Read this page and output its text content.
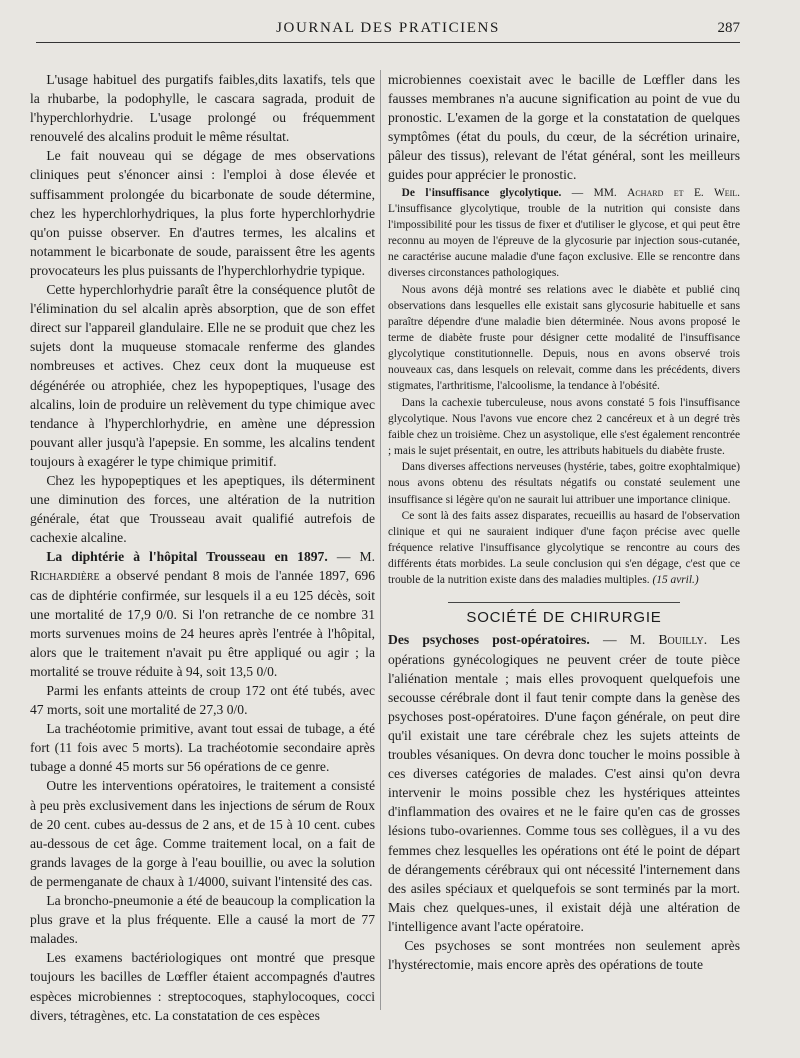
JOURNAL DES PRATICIENS	287

L'usage habituel des purgatifs faibles,dits laxatifs, tels que la rhubarbe, la podophylle, le cascara sagrada, produit de l'hyperchlorhydrie. L'usage prolongé ou fréquemment renouvelé des alcalins produit le même résultat.

Le fait nouveau qui se dégage de mes observations cliniques peut s'énoncer ainsi : l'emploi à dose élevée et suffisamment prolongée du bicarbonate de soude détermine, chez les hyperchlorhydriques, la plus forte hyperchlorhydrie qu'on puisse observer. En d'autres termes, les alcalins et notamment le bicarbonate de soude, paraissent être les agents provocateurs les plus puissants de l'hyperchlorhydrie typique.

Cette hyperchlorhydrie paraît être la conséquence plutôt de l'élimination du sel alcalin après absorption, que de son effet direct sur l'appareil glandulaire. Elle ne se produit que chez les sujets dont la muqueuse stomacale renferme des glandes nombreuses et actives. Chez ceux dont la muqueuse est dégénérée ou atrophiée, chez les hypopeptiques, l'usage des alcalins, loin de produire un relèvement du type chimique avec tendance à l'hyperchlorhydrie, en amène une dépression pouvant aller jusqu'à l'apepsie. En somme, les alcalins tendent toujours à exagérer le type chimique primitif.

Chez les hypopeptiques et les apeptiques, ils déterminent une diminution des forces, une altération de la nutrition générale, état que Trousseau avait qualifié autrefois de cachexie alcaline.

La diphtérie à l'hôpital Trousseau en 1897. — M. Richardière a observé pendant 8 mois de l'année 1897, 696 cas de diphtérie confirmée, sur lesquels il a eu 125 décès, soit une mortalité de 17,9 0/0. Si l'on retranche de ce nombre 31 morts survenues moins de 24 heures après l'entrée à l'hôpital, alors que le traitement n'avait pu être appliqué ou agir ; la mortalité se trouve réduite à 94, soit 13,5 0/0.

Parmi les enfants atteints de croup 172 ont été tubés, avec 47 morts, soit une mortalité de 27,3 0/0.

La trachéotomie primitive, avant tout essai de tubage, a été fort (11 fois avec 5 morts). La trachéotomie secondaire après tubage a donné 45 morts sur 56 opérations de ce genre.

Outre les interventions opératoires, le traitement a consisté à peu près exclusivement dans les injections de sérum de Roux de 20 cent. cubes au-dessus de 2 ans, et de 15 à 10 cent. cubes au-dessous de cet âge. Comme traitement local, on a fait de grands lavages de la gorge à l'eau bouillie, ou avec la solution de permenganate de chaux à 1/4000, suivant l'intensité des cas.

La broncho-pneumonie a été de beaucoup la complication la plus grave et la plus fréquente. Elle a causé la mort de 77 malades.

Les examens bactériologiques ont montré que presque toujours les bacilles de Lœffler étaient accompagnés d'autres espèces microbiennes : streptocoques, staphylocoques, cocci divers, tétragènes, etc. La constatation de ces espèces

microbiennes coexistait avec le bacille de Lœffler dans les fausses membranes n'a aucune signification au point de vue du pronostic. L'examen de la gorge et la constatation de quelques symptômes (état du pouls, du cœur, de la sécrétion urinaire, pâleur des tissus), relevant de l'état général, sont les meilleurs guides pour apprécier le pronostic.

De l'insuffisance glycolytique. — MM. Achard et E. Weil. L'insuffisance glycolytique, trouble de la nutrition qui consiste dans l'impossibilité pour les tissus de fixer et d'utiliser le glycose, et qui peut être reconnu au moyen de l'épreuve de la glycosurie par injection sous-cutanée, ne caractérise aucune maladie d'une façon exclusive. Elle se rencontre dans diverses circonstances pathologiques.

Nous avons déjà montré ses relations avec le diabète et publié cinq observations dans lesquelles elle existait sans glycosurie habituelle et sans paraître dépendre d'une maladie bien déterminée. Nous avons proposé le terme de diabète fruste pour désigner cette modalité de l'insuffisance glycolytique constitutionnelle. Depuis, nous en avons observé trois nouveaux cas, dans lesquels on relevait, comme dans les précédents, divers stigmates, l'arthritisme, l'alcoolisme, la tendance à l'obésité.

Dans la cachexie tuberculeuse, nous avons constaté 5 fois l'insuffisance glycolytique. Nous l'avons vue encore chez 2 cancéreux et à un degré très faible chez un troisième. Chez un asystolique, elle s'est également rencontrée ; mais le sujet présentait, en outre, les attributs habituels du diabète fruste.

Dans diverses affections nerveuses (hystérie, tabes, goitre exophtalmique) nous avons obtenu des résultats négatifs ou constaté seulement une insuffisance si légère qu'on ne saurait lui attribuer une importance clinique.

Ce sont là des faits assez disparates, recueillis au hasard de l'observation clinique et qui ne sauraient indiquer d'une façon précise avec quelle fréquence relative l'insuffisance glycolytique se rencontre au cours des différents états morbides. La seule conclusion qui s'en dégage, c'est que ce trouble de la nutrition existe dans des maladies multiples. (15 avril.)

SOCIÉTÉ DE CHIRURGIE

Des psychoses post-opératoires. — M. Bouilly. Les opérations gynécologiques ne peuvent créer de toute pièce l'aliénation mentale ; mais elles provoquent quelquefois une secousse cérébrale dont il faut tenir compte dans la genèse des psychoses post-opératoires. D'une façon générale, on peut dire qu'il existait une tare cérébrale chez les sujets atteints de troubles vésaniques. On devra donc toucher le moins possible à ces diverses catégories de malades. C'est ainsi qu'on devra intervenir le moins possible chez les hystériques atteintes d'inflammation des ovaires et ne le faire qu'en cas de grosses lésions tubo-ovariennes. Comme tous ses collègues, il a vu des femmes chez lesquelles les opérations ont été le point de départ de dérangements cérébraux qui ont nécessité l'internement dans des asiles spéciaux et quelquefois se sont terminés par la mort. Mais chez quelques-unes, il existait déjà une altération de l'intelligence avant l'acte opératoire.

Ces psychoses se sont montrées non seulement après l'hystérectomie, mais encore après des opérations de toute
